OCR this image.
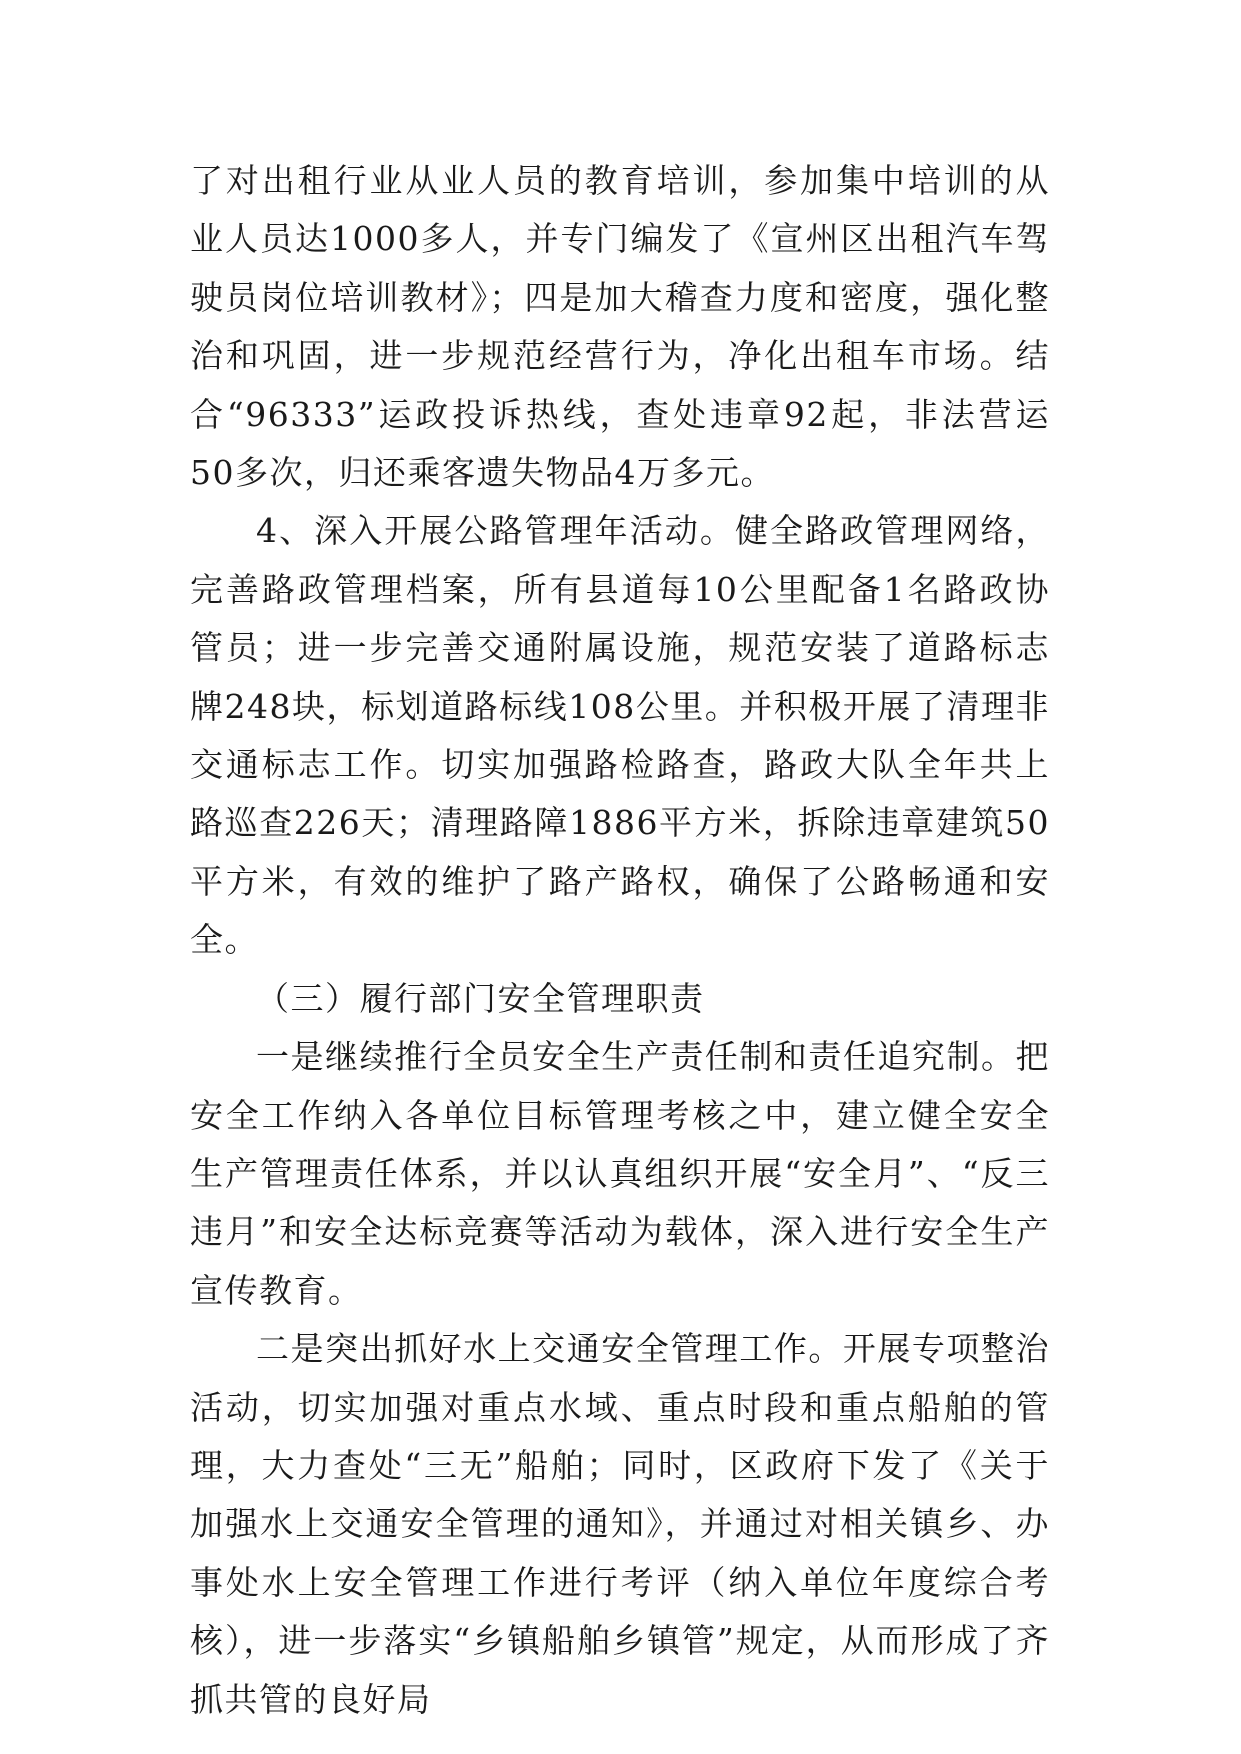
了对出租行业从业人员的教育培训，参加集中培训的从业人员达1000多人，并专门编发了《宣州区出租汽车驾驶员岗位培训教材》；四是加大稽查力度和密度，强化整治和巩固，进一步规范经营行为，净化出租车市场。结合“96333”运政投诉热线，查处违章92起，非法营运50多次，归还乘客遗失物品4万多元。

4、深入开展公路管理年活动。健全路政管理网络，完善路政管理档案，所有县道每10公里配备1名路政协管员；进一步完善交通附属设施，规范安装了道路标志牌248块，标划道路标线108公里。并积极开展了清理非交通标志工作。切实加强路检路查，路政大队全年共上路巡查226天；清理路障1886平方米，拆除违章建筑50平方米，有效的维护了路产路权，确保了公路畅通和安全。

（三）履行部门安全管理职责

一是继续推行全员安全生产责任制和责任追究制。把安全工作纳入各单位目标管理考核之中，建立健全安全生产管理责任体系，并以认真组织开展“安全月”、“反三违月”和安全达标竞赛等活动为载体，深入进行安全生产宣传教育。

二是突出抓好水上交通安全管理工作。开展专项整治活动，切实加强对重点水域、重点时段和重点船舶的管理，大力查处“三无”船舶；同时，区政府下发了《关于加强水上交通安全管理的通知》，并通过对相关镇乡、办事处水上安全管理工作进行考评（纳入单位年度综合考核），进一步落实“乡镇船舶乡镇管”规定，从而形成了齐抓共管的良好局
